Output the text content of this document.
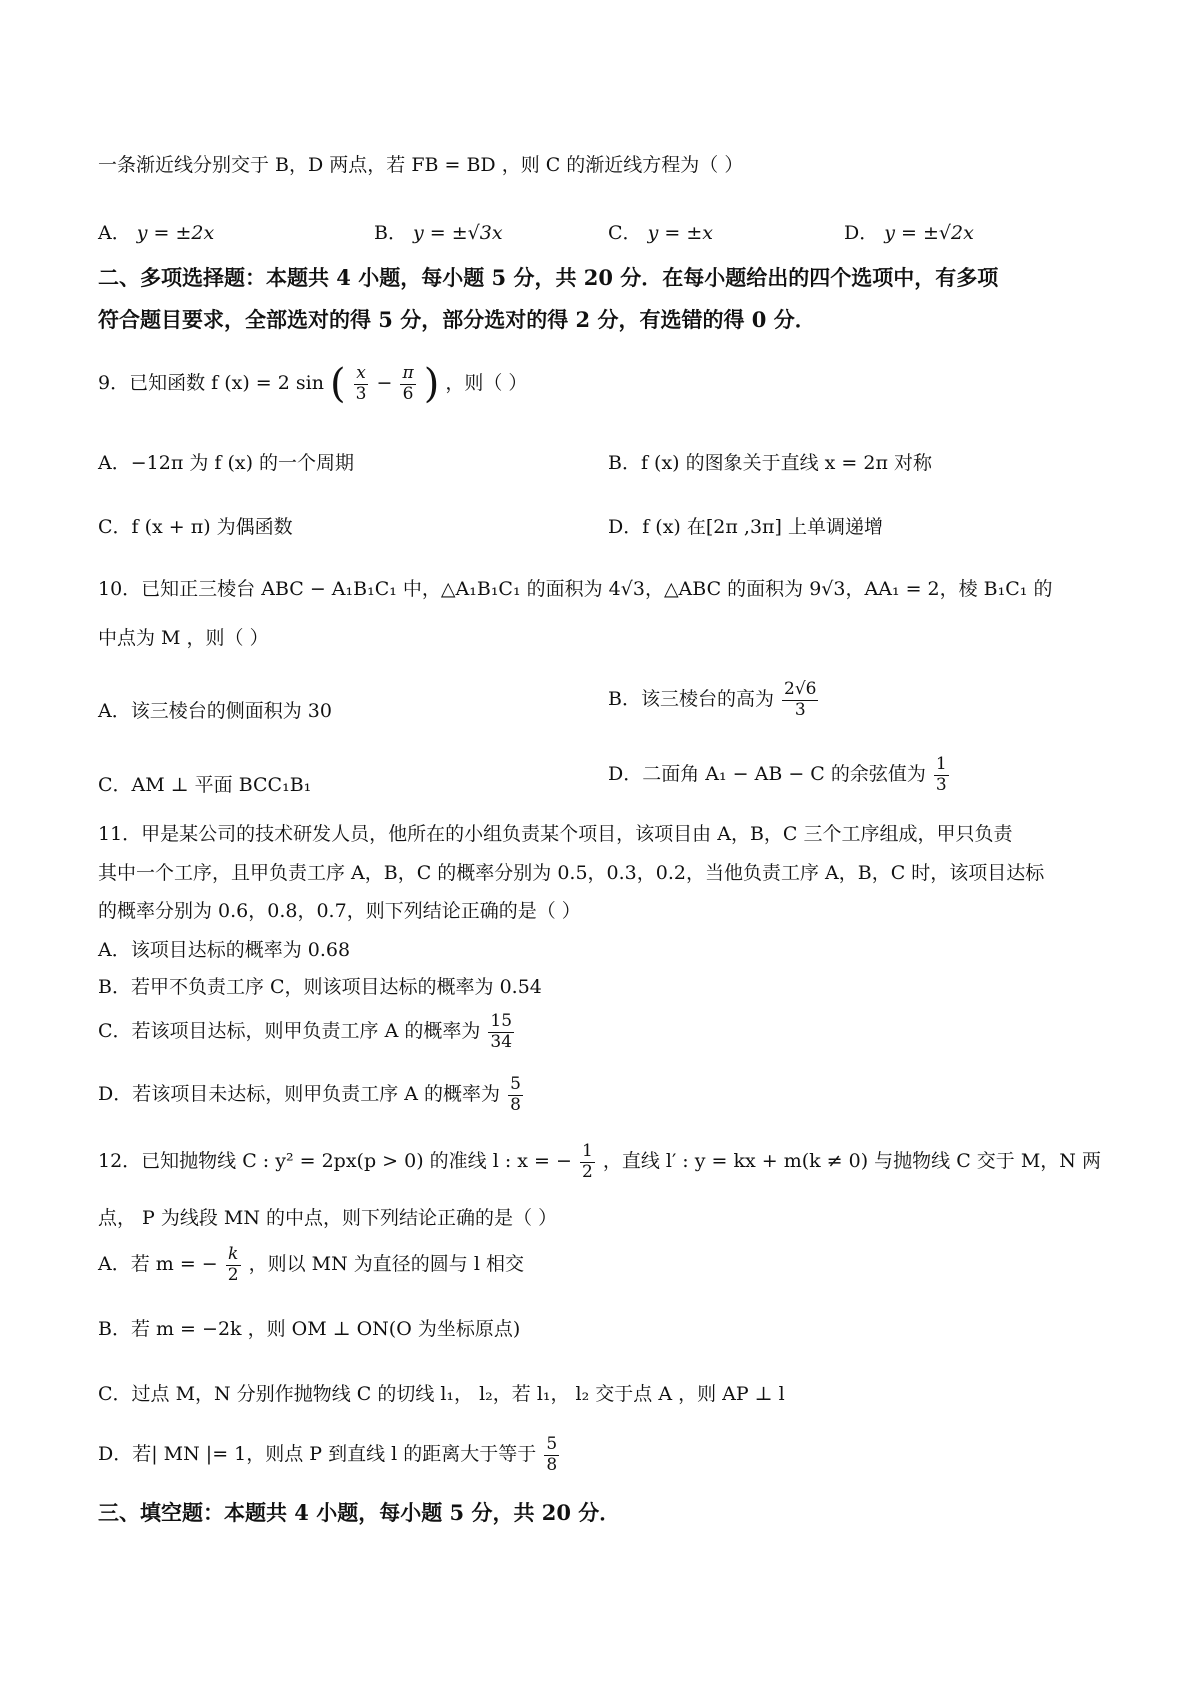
一条渐近线分别交于 B，D 两点，若 FB = BD ，则 C 的渐近线方程为（ ）
A． y = ±2x	B． y = ±√3x	C． y = ±x	D． y = ±√2x
二、多项选择题：本题共 4 小题，每小题 5 分，共 20 分．在每小题给出的四个选项中，有多项
符合题目要求，全部选对的得 5 分，部分选对的得 2 分，有选错的得 0 分．
9．已知函数 f (x) = 2 sin ( $\frac{x}{3} - \frac{\pi}{6}$ ) ，则（ ）
A．−12π 为 f (x) 的一个周期	B．f (x) 的图象关于直线 x = 2π 对称
C．f (x + π) 为偶函数	D．f (x) 在[2π ,3π] 上单调递增
10．已知正三棱台 ABC − A₁B₁C₁ 中，△A₁B₁C₁ 的面积为 4√3，△ABC 的面积为 9√3，AA₁ = 2，棱 B₁C₁ 的
中点为 M ，则（ ）
A．该三棱台的侧面积为 30
B．该三棱台的高为 $\frac{2√6}{3}$
C．AM ⊥ 平面 BCC₁B₁	D．二面角 A₁ − AB − C 的余弦值为 $\frac{1}{3}$
11．甲是某公司的技术研发人员，他所在的小组负责某个项目，该项目由 A，B，C 三个工序组成，甲只负责
其中一个工序，且甲负责工序 A，B，C 的概率分别为 0.5，0.3，0.2，当他负责工序 A，B，C 时，该项目达标
的概率分别为 0.6，0.8，0.7，则下列结论正确的是（ ）
A．该项目达标的概率为 0.68
B．若甲不负责工序 C，则该项目达标的概率为 0.54
C．若该项目达标，则甲负责工序 A 的概率为 $\frac{15}{34}$
D．若该项目未达标，则甲负责工序 A 的概率为 $\frac{5}{8}$
12．已知抛物线 C : y² = 2px(p > 0) 的准线 l : x = − $\frac{1}{2}$ ，直线 l′ : y = kx + m(k ≠ 0) 与抛物线 C 交于 M，N 两
点， P 为线段 MN 的中点，则下列结论正确的是（ ）
A．若 m = − $\frac{k}{2}$ ，则以 MN 为直径的圆与 l 相交
B．若 m = −2k ，则 OM ⊥ ON(O 为坐标原点)
C．过点 M，N 分别作抛物线 C 的切线 l₁， l₂，若 l₁， l₂ 交于点 A ，则 AP ⊥ l
D．若| MN |= 1，则点 P 到直线 l 的距离大于等于 $\frac{5}{8}$
三、填空题：本题共 4 小题，每小题 5 分，共 20 分．
